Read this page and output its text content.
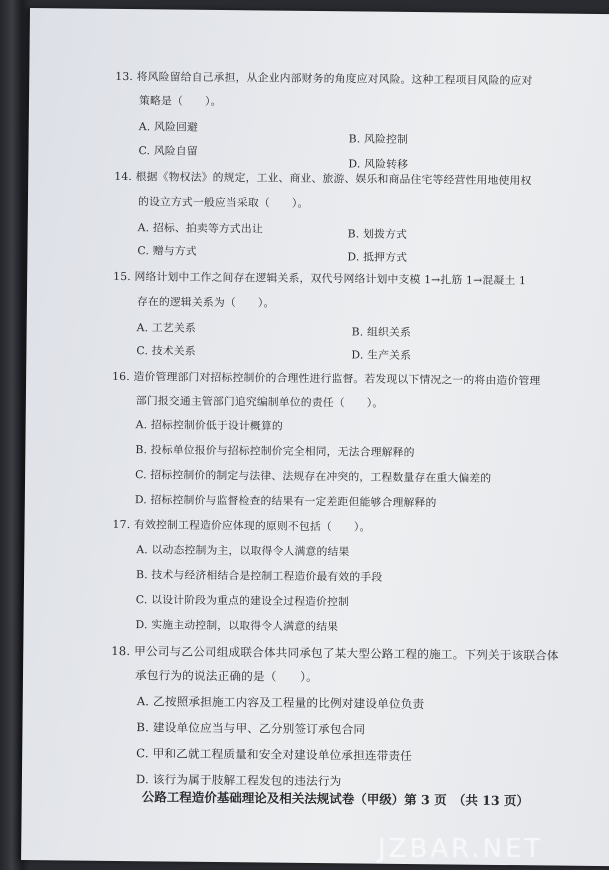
13. 将风险留给自己承担，从企业内部财务的角度应对风险。这种工程项目风险的应对
策略是（　　）。
A. 风险回避
B. 风险控制
C. 风险自留
D. 风险转移
14. 根据《物权法》的规定，工业、商业、旅游、娱乐和商品住宅等经营性用地使用权
的设立方式一般应当采取（　　）。
A. 招标、拍卖等方式出让	B. 划拨方式
C. 赠与方式	D. 抵押方式
15. 网络计划中工作之间存在逻辑关系，双代号网络计划中支模 1→扎筋 1→混凝土 1
存在的逻辑关系为（　　）。
A. 工艺关系	B. 组织关系
C. 技术关系	D. 生产关系
16. 造价管理部门对招标控制价的合理性进行监督。若发现以下情况之一的将由造价管理
部门报交通主管部门追究编制单位的责任（　　）。
A. 招标控制价低于设计概算的
B. 投标单位报价与招标控制价完全相同，无法合理解释的
C. 招标控制价的制定与法律、法规存在冲突的，工程数量存在重大偏差的
D. 招标控制价与监督检查的结果有一定差距但能够合理解释的
17. 有效控制工程造价应体现的原则不包括（　　）。
A. 以动态控制为主，以取得令人满意的结果
B. 技术与经济相结合是控制工程造价最有效的手段
C. 以设计阶段为重点的建设全过程造价控制
D. 实施主动控制，以取得令人满意的结果
18. 甲公司与乙公司组成联合体共同承包了某大型公路工程的施工。下列关于该联合体
承包行为的说法正确的是（　　）。
A. 乙按照承担施工内容及工程量的比例对建设单位负责
B. 建设单位应当与甲、乙分别签订承包合同
C. 甲和乙就工程质量和安全对建设单位承担连带责任
D. 该行为属于肢解工程发包的违法行为
公路工程造价基础理论及相关法规试卷（甲级）第 3 页　（共 13 页）
JZBAR.NET
